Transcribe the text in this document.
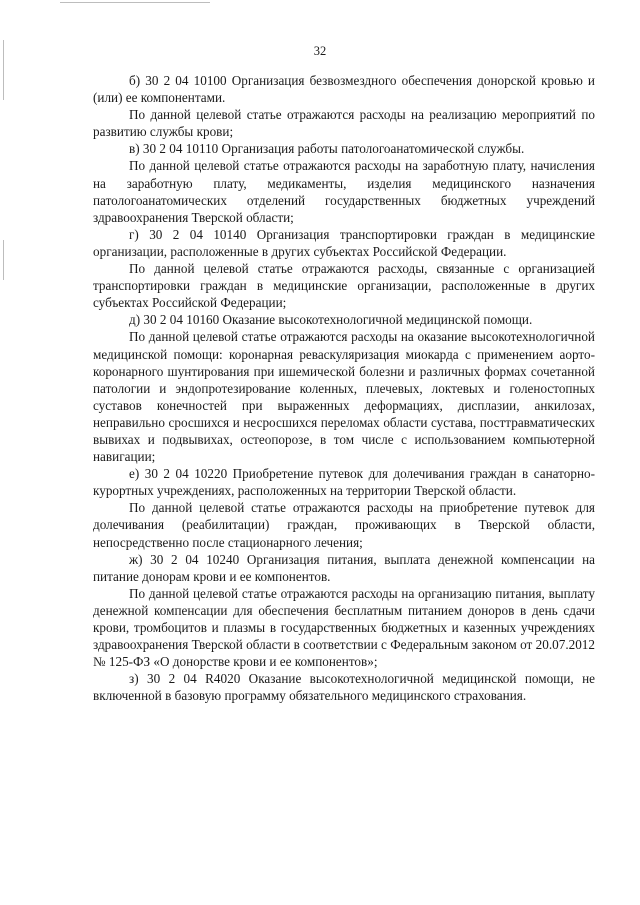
32

б) 30 2 04 10100 Организация безвозмездного обеспечения донорской кровью и (или) ее компонентами.

По данной целевой статье отражаются расходы на реализацию мероприятий по развитию службы крови;

в) 30 2 04 10110 Организация работы патологоанатомической службы.

По данной целевой статье отражаются расходы на заработную плату, начисления на заработную плату, медикаменты, изделия медицинского назначения патологоанатомических отделений государственных бюджетных учреждений здравоохранения Тверской области;

г) 30 2 04 10140 Организация транспортировки граждан в медицинские организации, расположенные в других субъектах Российской Федерации.

По данной целевой статье отражаются расходы, связанные с организацией транспортировки граждан в медицинские организации, расположенные в других субъектах Российской Федерации;

д) 30 2 04 10160 Оказание высокотехнологичной медицинской помощи.

По данной целевой статье отражаются расходы на оказание высокотехнологичной медицинской помощи: коронарная реваскуляризация миокарда с применением аорто-коронарного шунтирования при ишемической болезни и различных формах сочетанной патологии и эндопротезирование коленных, плечевых, локтевых и голеностопных суставов конечностей при выраженных деформациях, дисплазии, анкилозах, неправильно сросшихся и несросшихся переломах области сустава, посттравматических вывихах и подвывихах, остеопорозе, в том числе с использованием компьютерной навигации;

е) 30 2 04 10220 Приобретение путевок для долечивания граждан в санаторно-курортных учреждениях, расположенных на территории Тверской области.

По данной целевой статье отражаются расходы на приобретение путевок для долечивания (реабилитации) граждан, проживающих в Тверской области, непосредственно после стационарного лечения;

ж) 30 2 04 10240 Организация питания, выплата денежной компенсации на питание донорам крови и ее компонентов.

По данной целевой статье отражаются расходы на организацию питания, выплату денежной компенсации для обеспечения бесплатным питанием доноров в день сдачи крови, тромбоцитов и плазмы в государственных бюджетных и казенных учреждениях здравоохранения Тверской области в соответствии с Федеральным законом от 20.07.2012 № 125-ФЗ «О донорстве крови и ее компонентов»;

з) 30 2 04 R4020 Оказание высокотехнологичной медицинской помощи, не включенной в базовую программу обязательного медицинского страхования.
